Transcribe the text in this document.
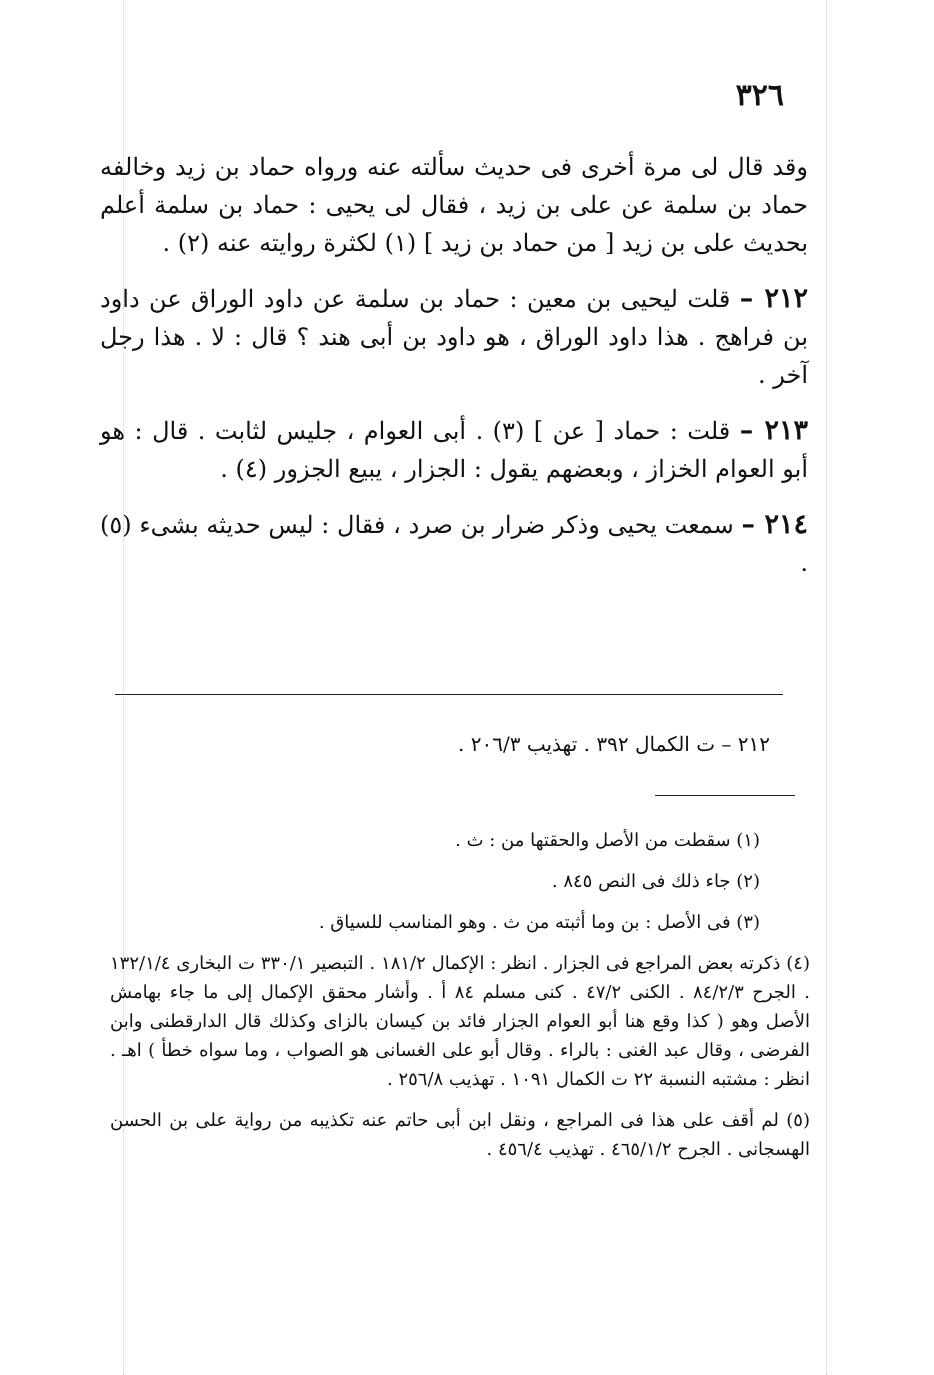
٣٢٦

وقد قال لى مرة أخرى فى حديث سألته عنه ورواه حماد بن زيد وخالفه حماد بن سلمة عن على بن زيد ، فقال لى يحيى : حماد بن سلمة أعلم بحديث على بن زيد [ من حماد بن زيد ] (١) لكثرة روايته عنه (٢) .

٢١٢ – قلت ليحيى بن معين : حماد بن سلمة عن داود الوراق عن داود بن فراهج . هذا داود الوراق ، هو داود بن أبى هند ؟ قال : لا . هذا رجل آخر .

٢١٣ – قلت : حماد [ عن ] (٣) . أبى العوام ، جليس لثابت . قال : هو أبو العوام الخزاز ، وبعضهم يقول : الجزار ، يبيع الجزور (٤) .

٢١٤ – سمعت يحيى وذكر ضرار بن صرد ، فقال : ليس حديثه بشىء (٥) .

٢١٢ – ت الكمال ٣٩٢ . تهذيب ٢٠٦/٣ .

(١) سقطت من الأصل والحقتها من : ث .

(٢) جاء ذلك فى النص ٨٤٥ .

(٣) فى الأصل : بن وما أثبته من ث . وهو المناسب للسياق .

(٤) ذكرته بعض المراجع فى الجزار . انظر : الإكمال ١٨١/٢ . التبصير ٣٣٠/١ ت البخارى ١٣٢/١/٤ . الجرح ٨٤/٢/٣ . الكنى ٤٧/٢ . كنى مسلم ٨٤ أ . وأشار محقق الإكمال إلى ما جاء بهامش الأصل وهو ( كذا وقع هنا أبو العوام الجزار فائد بن كيسان بالزاى وكذلك قال الدارقطنى وابن الفرضى ، وقال عبد الغنى : بالراء . وقال أبو على الغسانى هو الصواب ، وما سواه خطأ ) اهـ . انظر : مشتبه النسبة ٢٢ ت الكمال ١٠٩١ . تهذيب ٢٥٦/٨ .

(٥) لم أقف على هذا فى المراجع ، ونقل ابن أبى حاتم عنه تكذيبه من رواية على بن الحسن الهسجانى . الجرح ٤٦٥/١/٢ . تهذيب ٤٥٦/٤ .
